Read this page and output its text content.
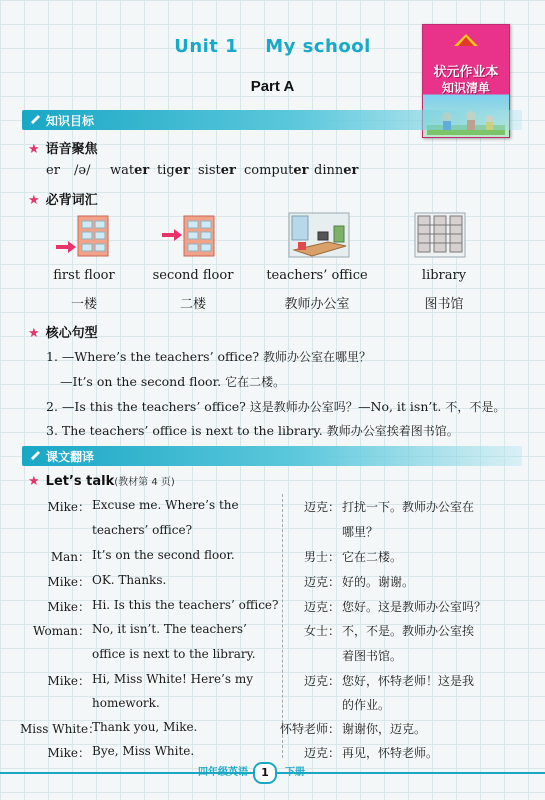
Unit 1    My school
Part A
状元作业本
知识清单
知识目标
★ 语音聚焦
er /ə/ water tiger sister computer dinner
★ 必背词汇
first floor
一楼
second floor
二楼
teachers’ office
教师办公室
library
图书馆
★ 核心句型
1. —Where’s the teachers’ office? 教师办公室在哪里？
—It’s on the second floor. 它在二楼。
2. —Is this the teachers’ office? 这是教师办公室吗？ —No, it isn’t. 不，不是。
3. The teachers’ office is next to the library. 教师办公室挨着图书馆。
课文翻译
★ Let’s talk(教材第 4 页)
Mike： Excuse me. Where’s the
teachers’ office?
Man： It’s on the second floor.
Mike： OK. Thanks.
Mike： Hi. Is this the teachers’ office?
Woman： No, it isn’t. The teachers’
office is next to the library.
Mike： Hi, Miss White! Here’s my
homework.
Miss White：
Thank you, Mike.
Mike： Bye, Miss White.
迈克： 打扰一下。教师办公室在
哪里？
男士： 它在二楼。
迈克： 好的。谢谢。
迈克： 您好。这是教师办公室吗？
女士： 不，不是。教师办公室挨
着图书馆。
迈克： 您好，怀特老师！这是我
的作业。
怀特老师： 谢谢你，迈克。
迈克： 再见，怀特老师。
四年级英语	1	下册
